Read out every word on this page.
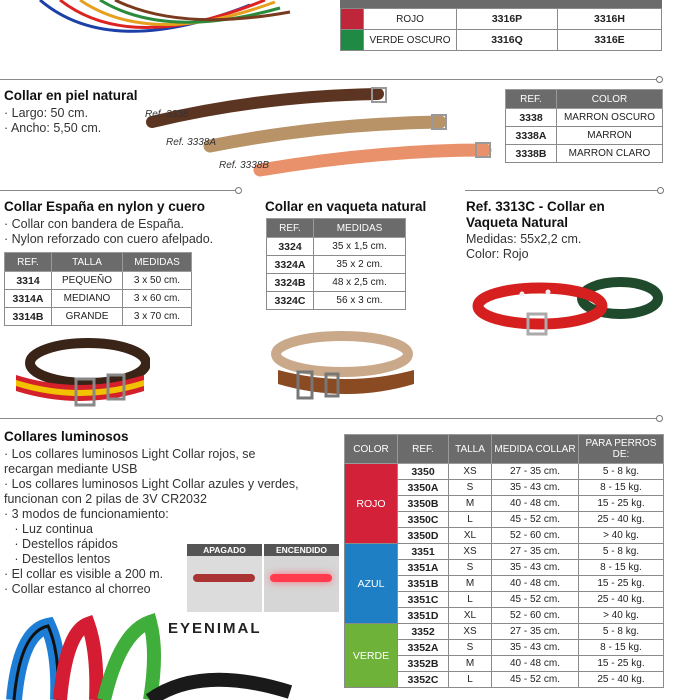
	ROJO	3316P	3316H
	VERDE OSCURO	3316Q	3316E
Collar en piel natural
· Largo: 50 cm.
· Ancho: 5,50 cm.
Ref. 3338
Ref. 3338A
Ref. 3338B
REF.	COLOR
3338	MARRON OSCURO
3338A	MARRON
3338B	MARRON CLARO
Collar España en nylon y cuero
· Collar con bandera de España.
· Nylon reforzado con cuero afelpado.
REF.	TALLA	MEDIDAS
3314	PEQUEÑO	3 x 50 cm.
3314A	MEDIANO	3 x 60 cm.
3314B	GRANDE	3 x 70 cm.
Collar en vaqueta natural
REF.	MEDIDAS
3324	35 x 1,5 cm.
3324A	35 x 2 cm.
3324B	48 x 2,5 cm.
3324C	56 x 3 cm.
Ref. 3313C - Collar en
Vaqueta Natural
Medidas: 55x2,2 cm.
Color: Rojo
Collares luminosos
· Los collares luminosos Light Collar rojos, se
recargan mediante USB
· Los collares luminosos Light Collar azules y verdes,
funcionan con 2 pilas de 3V CR2032
· 3 modos de funcionamiento:
· Luz continua
· Destellos rápidos
· Destellos lentos
· El collar es visible a 200 m.
· Collar estanco al chorreo
APAGADO	ENCENDIDO
EYENIMAL
COLOR	REF.	TALLA	MEDIDA COLLAR	PARA PERROS DE:
ROJO	3350	XS	27 - 35 cm.	5 - 8 kg.
	3350A	S	35 - 43 cm.	8 - 15 kg.
	3350B	M	40 - 48 cm.	15 - 25 kg.
	3350C	L	45 - 52 cm.	25 - 40 kg.
	3350D	XL	52 - 60 cm.	> 40 kg.
AZUL	3351	XS	27 - 35 cm.	5 - 8 kg.
	3351A	S	35 - 43 cm.	8 - 15 kg.
	3351B	M	40 - 48 cm.	15 - 25 kg.
	3351C	L	45 - 52 cm.	25 - 40 kg.
	3351D	XL	52 - 60 cm.	> 40 kg.
VERDE	3352	XS	27 - 35 cm.	5 - 8 kg.
	3352A	S	35 - 43 cm.	8 - 15 kg.
	3352B	M	40 - 48 cm.	15 - 25 kg.
	3352C	L	45 - 52 cm.	25 - 40 kg.
